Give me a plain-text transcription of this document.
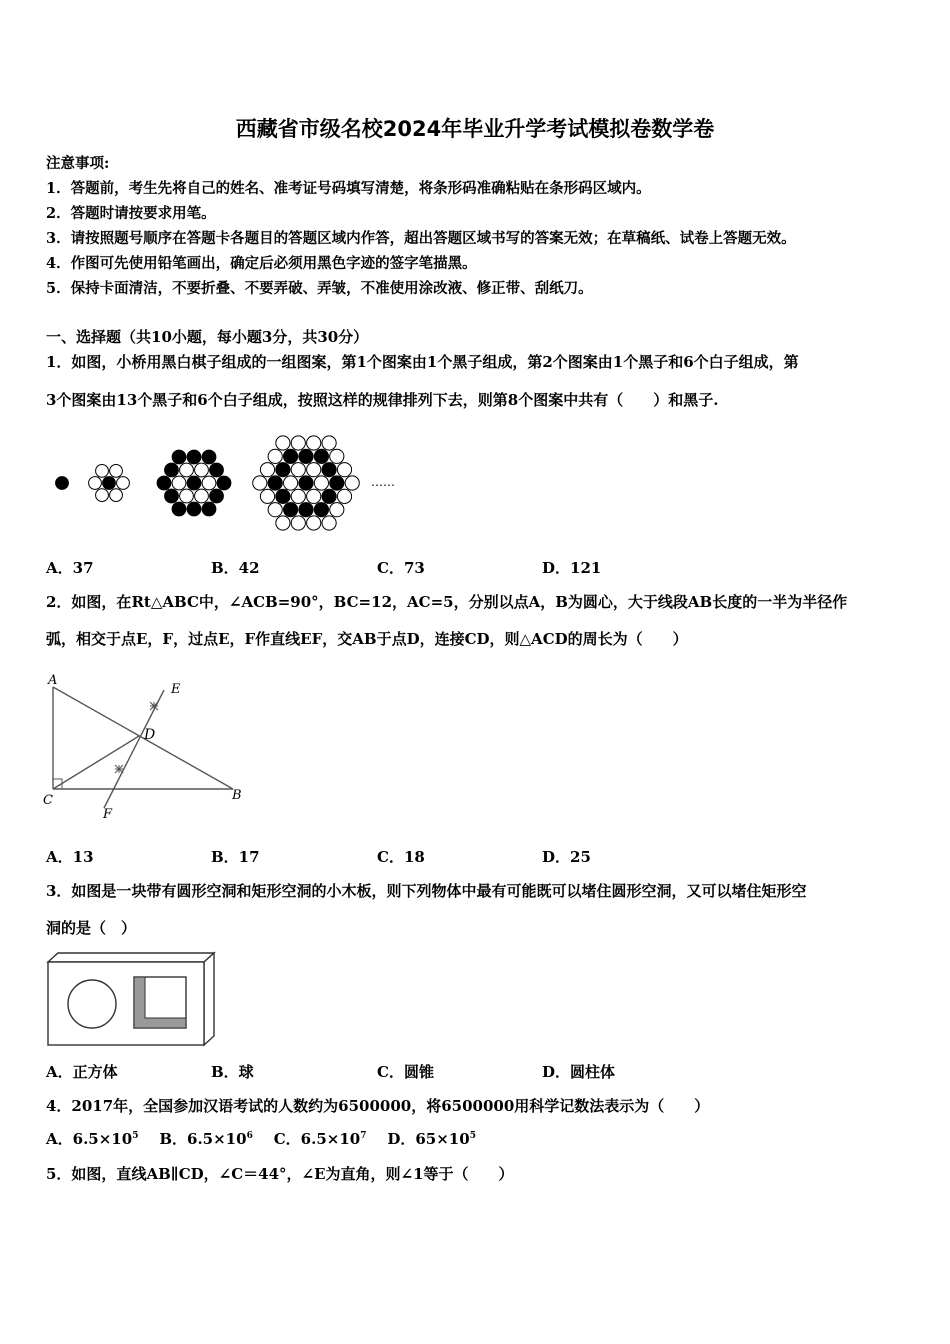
西藏省市级名校2024年毕业升学考试模拟卷数学卷
注意事项:
1．答题前，考生先将自己的姓名、准考证号码填写清楚，将条形码准确粘贴在条形码区域内。
2．答题时请按要求用笔。
3．请按照题号顺序在答题卡各题目的答题区域内作答，超出答题区域书写的答案无效；在草稿纸、试卷上答题无效。
4．作图可先使用铅笔画出，确定后必须用黑色字迹的签字笔描黑。
5．保持卡面清洁，不要折叠、不要弄破、弄皱，不准使用涂改液、修正带、刮纸刀。
一、选择题（共10小题，每小题3分，共30分）
1．如图，小桥用黑白棋子组成的一组图案，第1个图案由1个黑子组成，第2个图案由1个黑子和6个白子组成，第
3个图案由13个黑子和6个白子组成，按照这样的规律排列下去，则第8个图案中共有（　　）和黑子.
……
A．37	B．42	C．73	D．121
2．如图，在Rt△ABC中，∠ACB=90°，BC=12，AC=5，分别以点A，B为圆心，大于线段AB长度的一半为半径作
弧，相交于点E，F，过点E，F作直线EF，交AB于点D，连接CD，则△ACD的周长为（　　）
A
B
C
D
E
F
A．13	B．17	C．18	D．25
3．如图是一块带有圆形空洞和矩形空洞的小木板，则下列物体中最有可能既可以堵住圆形空洞，又可以堵住矩形空
洞的是（　）
A．正方体	B．球	C．圆锥	D．圆柱体
4．2017年，全国参加汉语考试的人数约为6500000，将6500000用科学记数法表示为（　　）
A．$6.5\times 10^5$ B．$6.5\times 10^6$ C．$6.5\times 10^7$ D．$65\times 10^5$
5．如图，直线AB∥CD，∠C＝44°，∠E为直角，则∠1等于（　　）
